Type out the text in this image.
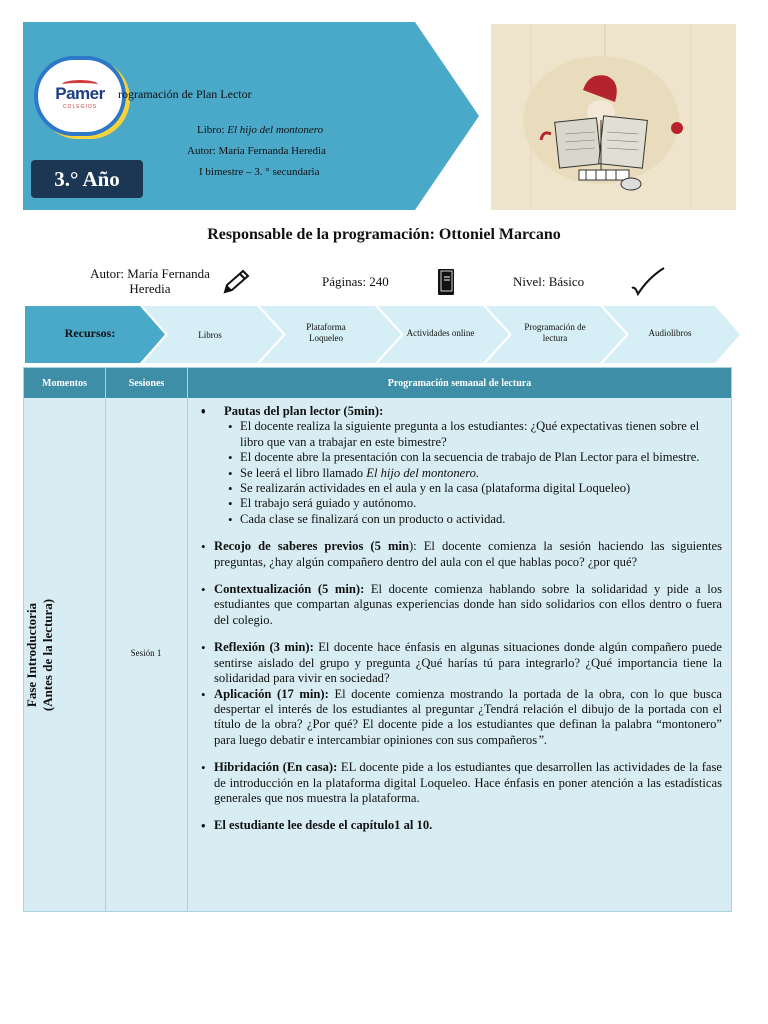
Pamer
COLEGIOS
rogramación de Plan Lector
Libro: El hijo del montonero
Autor: María Fernanda Heredia
I bimestre – 3. ° secundaria
3.° Año
Responsable de la programación: Ottoniel Marcano
Autor: María Fernanda
Heredia	Páginas: 240	Nivel: Básico
Recursos:	Libros
Plataforma
Loqueleo	Actividades online
Programación de
lectura	Audiolibros
Momentos	Sesiones	Programación semanal de lectura
Fase Introductoria (Antes de la lectura)	Sesión 1
• • Pautas del plan lector (5min):
• El docente realiza la siguiente pregunta a los estudiantes: ¿Qué expectativas tienen sobre el libro que van a trabajar en este bimestre?
• El docente abre la presentación con la secuencia de trabajo de Plan Lector para el bimestre.
• Se leerá el libro llamado El hijo del montonero.
• Se realizarán actividades en el aula y en la casa (plataforma digital Loqueleo)
• El trabajo será guiado y autónomo.
• Cada clase se finalizará con un producto o actividad.
• Recojo de saberes previos (5 min): El docente comienza la sesión haciendo las siguientes preguntas, ¿hay algún compañero dentro del aula con el que hablas poco? ¿por qué?
• Contextualización (5 min): El docente comienza hablando sobre la solidaridad y pide a los estudiantes que compartan algunas experiencias donde han sido solidarios con ellos dentro o fuera del colegio.
• Reflexión (3 min): El docente hace énfasis en algunas situaciones donde algún compañero puede sentirse aislado del grupo y pregunta ¿Qué harías tú para integrarlo? ¿Qué importancia tiene la solidaridad para vivir en sociedad?
• Aplicación (17 min): El docente comienza mostrando la portada de la obra, con lo que busca despertar el interés de los estudiantes al preguntar ¿Tendrá relación el dibujo de la portada con el título de la obra? ¿Por qué? El docente pide a los estudiantes que definan la palabra “montonero” para luego debatir e intercambiar opiniones con sus compañeros”.
• Hibridación (En casa): EL docente pide a los estudiantes que desarrollen las actividades de la fase de introducción en la plataforma digital Loqueleo. Hace énfasis en poner atención a las estadísticas generales que nos muestra la plataforma.
• El estudiante lee desde el capítulo1 al 10.
